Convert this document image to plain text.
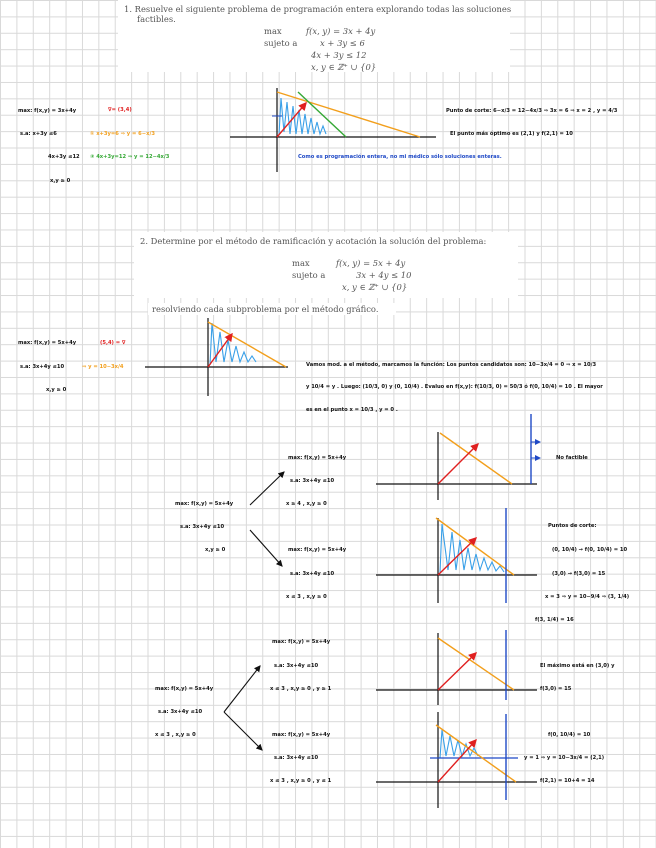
1. Resuelve el siguiente problema de programación entera explorando todas las soluciones
factibles.
max	f(x, y) = 3x + 4y
sujeto a	x + 3y ≤ 6
4x + 3y ≤ 12
x, y ∈ ℤ⁺ ∪ {0}
max: f(x,y) = 3x+4y	∇= (3,4)
s.a: x+3y ≤6	① x+3y=6 ⇒ y = 6−x/3
4x+3y ≤12 ② 4x+3y=12 ⇒ y = 12−4x/3
x,y ≥ 0
Punto de corte: 6−x/3 = 12−4x/3 ⇒ 3x = 6 ⇒ x = 2 , y = 4/3
El punto más óptimo es (2,1) y f(2,1) = 10
Como es programación entera, no mi médico sólo soluciones enteras.
2. Determine por el método de ramificación y acotación la solución del problema:
max	f(x, y) = 5x + 4y
sujeto a	3x + 4y ≤ 10
x, y ∈ ℤ⁺ ∪ {0}
resolviendo cada subproblema por el método gráfico.
max: f(x,y) = 5x+4y	(5,4) = ∇
s.a: 3x+4y ≤10	⇒ y = 10−3x/4
x,y ≥ 0
Vamos mod. a el método, marcamos la función: Los puntos candidatos son: 10−3x/4 = 0 ⇒ x = 10/3
y 10/4 = y . Luego: (10/3, 0) y (0, 10/4) . Evaluo en f(x,y): f(10/3, 0) = 50/3 ó f(0, 10/4) = 10 . El mayor
es en el punto x = 10/3 , y = 0 .
max: f(x,y) = 5x+4y
s.a: 3x+4y ≤10
x,y ≥ 0
max: f(x,y) = 5x+4y
s.a: 3x+4y ≤10
x ≥ 4 , x,y ≥ 0
No factible
max: f(x,y) = 5x+4y
s.a: 3x+4y ≤10
x ≤ 3 , x,y ≥ 0
Puntos de corte:
(0, 10/4) → f(0, 10/4) = 10
(3,0) → f(3,0) = 15
x = 3 ⇒ y = 10−9/4 ⇒ (3, 1/4)
f(3, 1/4) = 16
max: f(x,y) = 5x+4y
s.a: 3x+4y ≤10
x ≤ 3 , x,y ≥ 0
max: f(x,y) = 5x+4y
s.a: 3x+4y ≤10
x ≤ 3 , x,y ≥ 0 , y ≥ 1
El máximo está en (3,0) y
f(3,0) = 15
max: f(x,y) = 5x+4y
s.a: 3x+4y ≤10
x ≤ 3 , x,y ≥ 0 , y ≤ 1
f(0, 10/4) = 10
y = 1 ⇒ y = 10−3x/4 = (2,1)
f(2,1) = 10+4 = 14
